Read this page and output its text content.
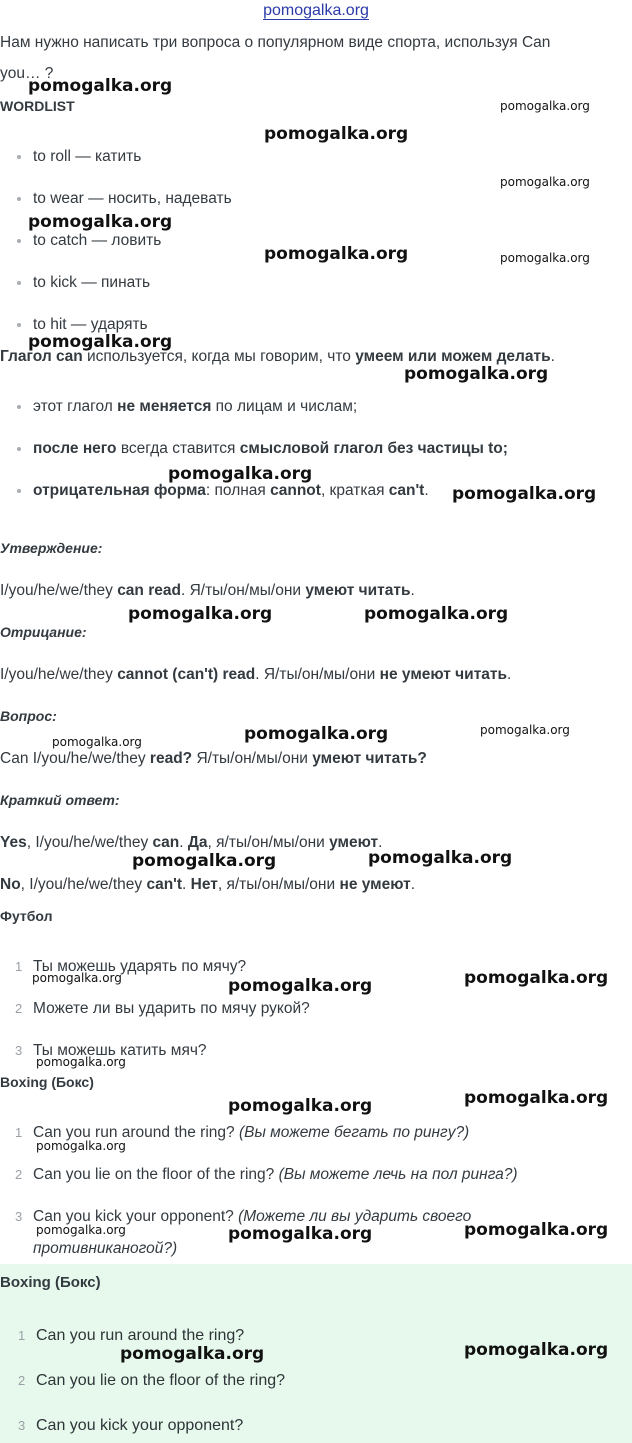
pomogalka.org
Нам нужно написать три вопроса о популярном виде спорта, используя Can
you… ?
WORDLIST
to roll — катить
to wear — носить, надевать
to catch — ловить
to kick — пинать
to hit — ударять
Глагол can используется, когда мы говорим, что умеем или можем делать.
этот глагол не меняется по лицам и числам;
после него всегда ставится смысловой глагол без частицы to;
отрицательная форма: полная cannot, краткая can't.
Утверждение:
I/you/he/we/they can read. Я/ты/он/мы/они умеют читать.
Отрицание:
I/you/he/we/they cannot (can't) read. Я/ты/он/мы/они не умеют читать.
Вопрос:
Can I/you/he/we/they read? Я/ты/он/мы/они умеют читать?
Краткий ответ:
Yes, I/you/he/we/they can. Да, я/ты/он/мы/они умеют.
No, I/you/he/we/they can't. Нет, я/ты/он/мы/они не умеют.
Футбол
1 Ты можешь ударять по мячу?
2 Можете ли вы ударить по мячу рукой?
3 Ты можешь катить мяч?
Boxing (Бокс)
1 Can you run around the ring? (Вы можете бегать по рингу?)
2 Can you lie on the floor of the ring? (Вы можете лечь на пол ринга?)
3 Can you kick your opponent? (Можете ли вы ударить своего
противниканогой?)
Boxing (Бокс)
1 Can you run around the ring?
2 Can you lie on the floor of the ring?
3 Can you kick your opponent?
pomogalka.org
pomogalka.org
pomogalka.org
pomogalka.org
pomogalka.org
pomogalka.org	pomogalka.org
pomogalka.org
pomogalka.org
pomogalka.org
pomogalka.org
pomogalka.org	pomogalka.org
pomogalka.org	pomogalka.org
pomogalka.org
pomogalka.org	pomogalka.org
pomogalka.org
pomogalka.org	pomogalka.org
pomogalka.org
pomogalka.org
pomogalka.org
pomogalka.org
pomogalka.org	pomogalka.org	pomogalka.org
pomogalka.org	pomogalka.org
